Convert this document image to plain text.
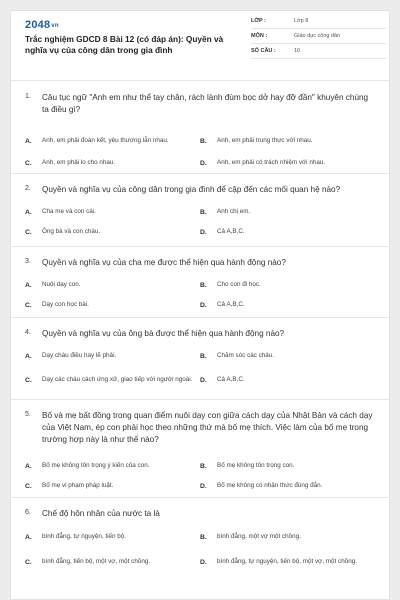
2048vn
Trắc nghiệm GDCD 8 Bài 12 (có đáp án): Quyền và nghĩa vụ của công dân trong gia đình
LỚP :	Lớp 8
MÔN :	Giáo dục công dân
SỐ CÂU :	10
1.	Câu tục ngữ "Anh em như thể tay chân, rách lành đùm bọc dở hay đỡ đần" khuyên chúng ta điều gì?
A.	Anh, em phải đoàn kết, yêu thương lẫn nhau.	B.	Anh, em phải trung thực với nhau.
C.	Anh, em phải lo cho nhau.	D.	Anh, em phải có trách nhiệm với nhau.
2.	Quyền và nghĩa vụ của công dân trong gia đình để cập đến các mối quan hệ nào?
A.	Cha mẹ và con cái.	B.	Anh chị em.
C.	Ông bà và con cháu.	D.	Cả A,B,C.
3.	Quyền và nghĩa vụ của cha mẹ được thể hiện qua hành động nào?
A.	Nuôi dạy con.	B.	Cho con đi học.
C.	Dạy con học bài.	D.	Cả A,B,C.
4.	Quyền và nghĩa vụ của ông bà được thể hiện qua hành động nào?
A.	Dạy cháu điều hay lẽ phải.	B.	Chăm sóc các cháu.
C.	Dạy các cháu cách ứng xử, giao tiếp với người ngoài.	D.	Cả A,B,C.
5.	Bố và mẹ bất đồng trong quan điểm nuôi dạy con giữa cách dạy của Nhật Bản và cách dạy của Việt Nam, ép con phải học theo những thứ mà bố mẹ thích. Việc làm của bố mẹ trong trường hợp này là như thế nào?
A.	Bố mẹ không tôn trọng ý kiến của con.	B.	Bố mẹ không tôn trọng con.
C.	Bố mẹ vi phạm pháp luật.	D.	Bố mẹ không có nhận thức đúng đắn.
6.	Chế độ hôn nhân của nước ta là
A.	bình đẳng, tự nguyện, tiến bộ.	B.	bình đẳng, một vợ một chồng.
C.	bình đẳng, tiến bộ, một vợ, một chồng.	D.	bình đẳng, tự nguyện, tiến bộ, một vợ, một chồng.
